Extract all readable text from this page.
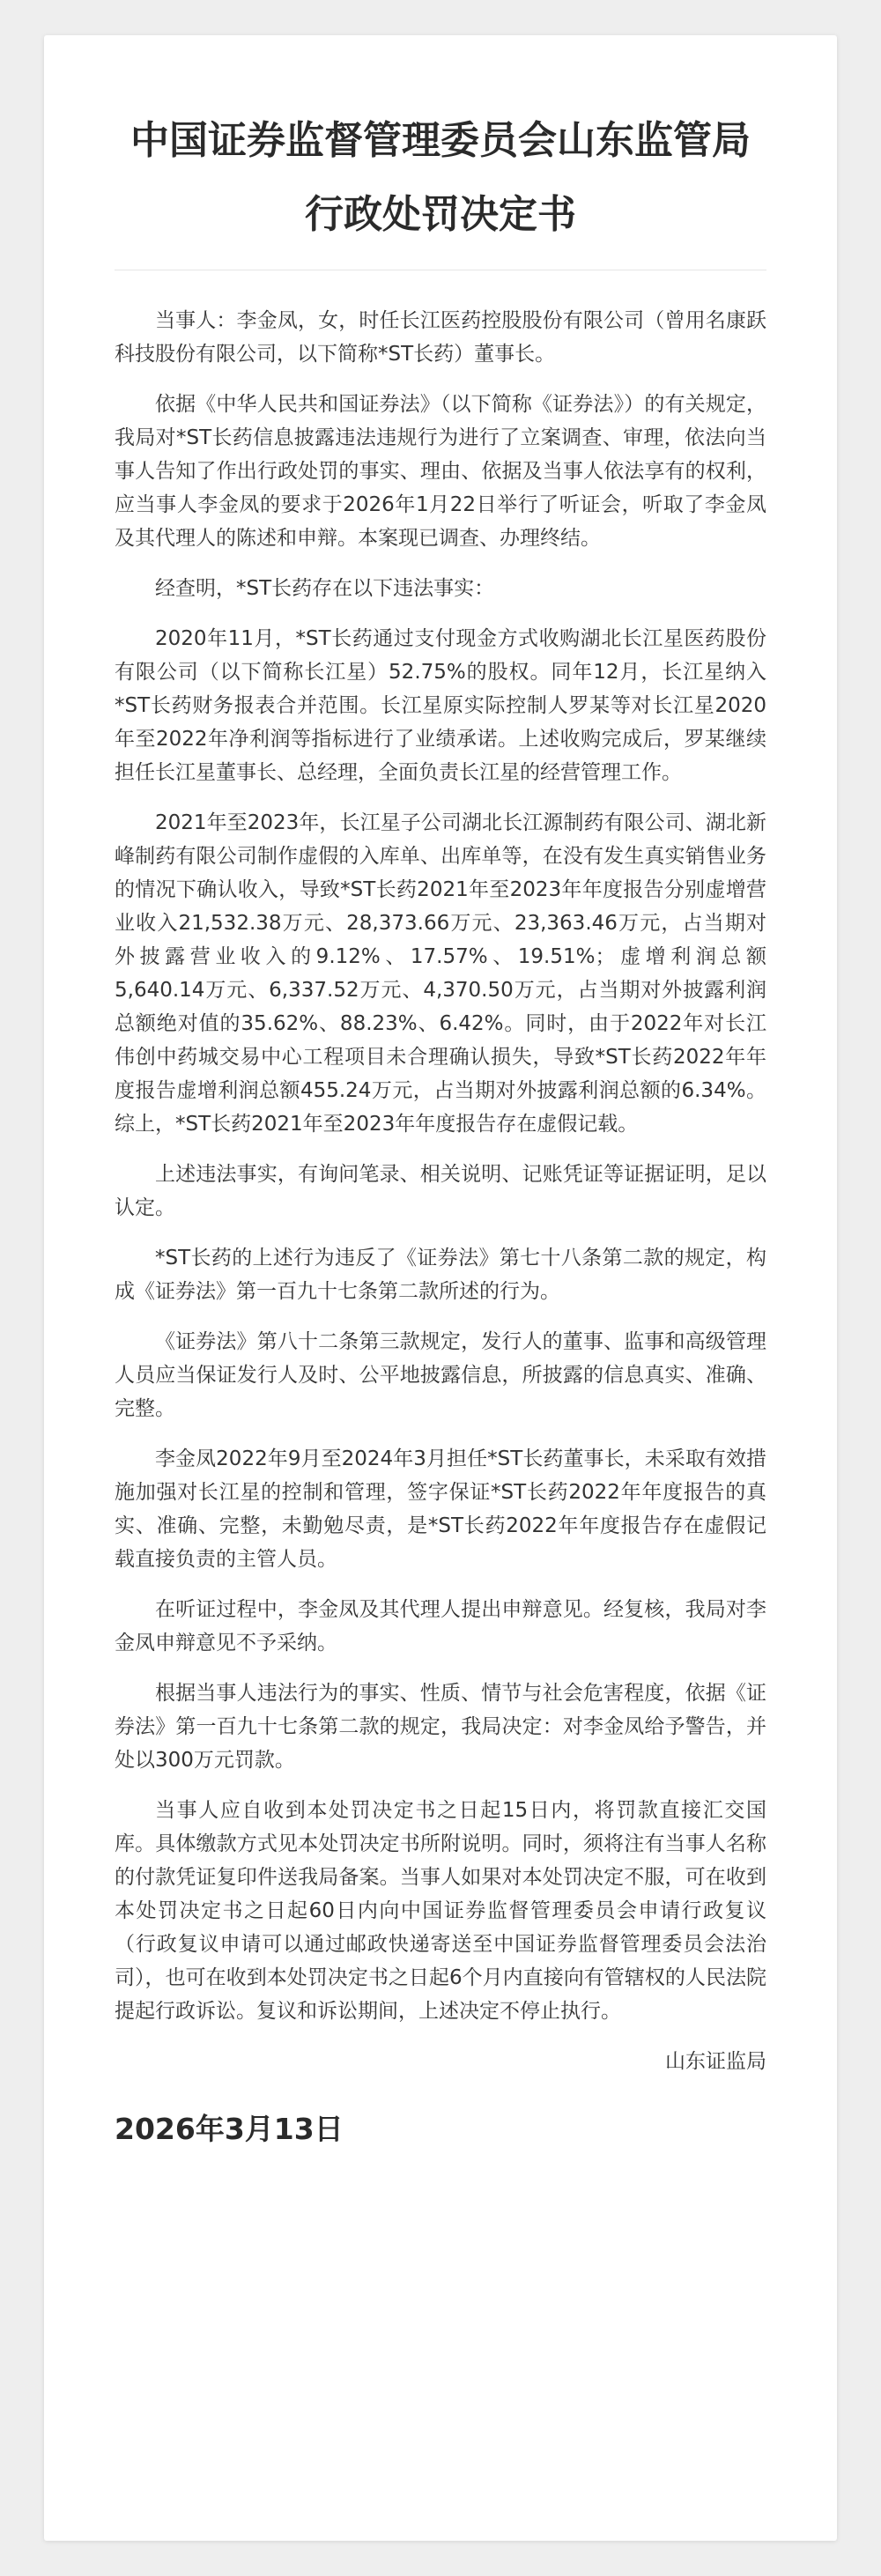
中国证券监督管理委员会山东监管局
行政处罚决定书

当事人：李金凤，女，时任长江医药控股股份有限公司（曾用名康跃科技股份有限公司，以下简称*ST长药）董事长。

依据《中华人民共和国证券法》（以下简称《证券法》）的有关规定，我局对*ST长药信息披露违法违规行为进行了立案调查、审理，依法向当事人告知了作出行政处罚的事实、理由、依据及当事人依法享有的权利，应当事人李金凤的要求于2026年1月22日举行了听证会，听取了李金凤及其代理人的陈述和申辩。本案现已调查、办理终结。

经查明，*ST长药存在以下违法事实：

2020年11月，*ST长药通过支付现金方式收购湖北长江星医药股份有限公司（以下简称长江星）52.75%的股权。同年12月，长江星纳入*ST长药财务报表合并范围。长江星原实际控制人罗某等对长江星2020年至2022年净利润等指标进行了业绩承诺。上述收购完成后，罗某继续担任长江星董事长、总经理，全面负责长江星的经营管理工作。

2021年至2023年，长江星子公司湖北长江源制药有限公司、湖北新峰制药有限公司制作虚假的入库单、出库单等，在没有发生真实销售业务的情况下确认收入，导致*ST长药2021年至2023年年度报告分别虚增营业收入21,532.38万元、28,373.66万元、23,363.46万元，占当期对外披露营业收入的9.12%、17.57%、19.51%；虚增利润总额5,640.14万元、6,337.52万元、4,370.50万元，占当期对外披露利润总额绝对值的35.62%、88.23%、6.42%。同时，由于2022年对长江伟创中药城交易中心工程项目未合理确认损失，导致*ST长药2022年年度报告虚增利润总额455.24万元，占当期对外披露利润总额的6.34%。综上，*ST长药2021年至2023年年度报告存在虚假记载。

上述违法事实，有询问笔录、相关说明、记账凭证等证据证明，足以认定。

*ST长药的上述行为违反了《证券法》第七十八条第二款的规定，构成《证券法》第一百九十七条第二款所述的行为。

《证券法》第八十二条第三款规定，发行人的董事、监事和高级管理人员应当保证发行人及时、公平地披露信息，所披露的信息真实、准确、完整。

李金凤2022年9月至2024年3月担任*ST长药董事长，未采取有效措施加强对长江星的控制和管理，签字保证*ST长药2022年年度报告的真实、准确、完整，未勤勉尽责，是*ST长药2022年年度报告存在虚假记载直接负责的主管人员。

在听证过程中，李金凤及其代理人提出申辩意见。经复核，我局对李金凤申辩意见不予采纳。

根据当事人违法行为的事实、性质、情节与社会危害程度，依据《证券法》第一百九十七条第二款的规定，我局决定：对李金凤给予警告，并处以300万元罚款。

当事人应自收到本处罚决定书之日起15日内，将罚款直接汇交国库。具体缴款方式见本处罚决定书所附说明。同时，须将注有当事人名称的付款凭证复印件送我局备案。当事人如果对本处罚决定不服，可在收到本处罚决定书之日起60日内向中国证券监督管理委员会申请行政复议（行政复议申请可以通过邮政快递寄送至中国证券监督管理委员会法治司），也可在收到本处罚决定书之日起6个月内直接向有管辖权的人民法院提起行政诉讼。复议和诉讼期间，上述决定不停止执行。

山东证监局
2026年3月13日
